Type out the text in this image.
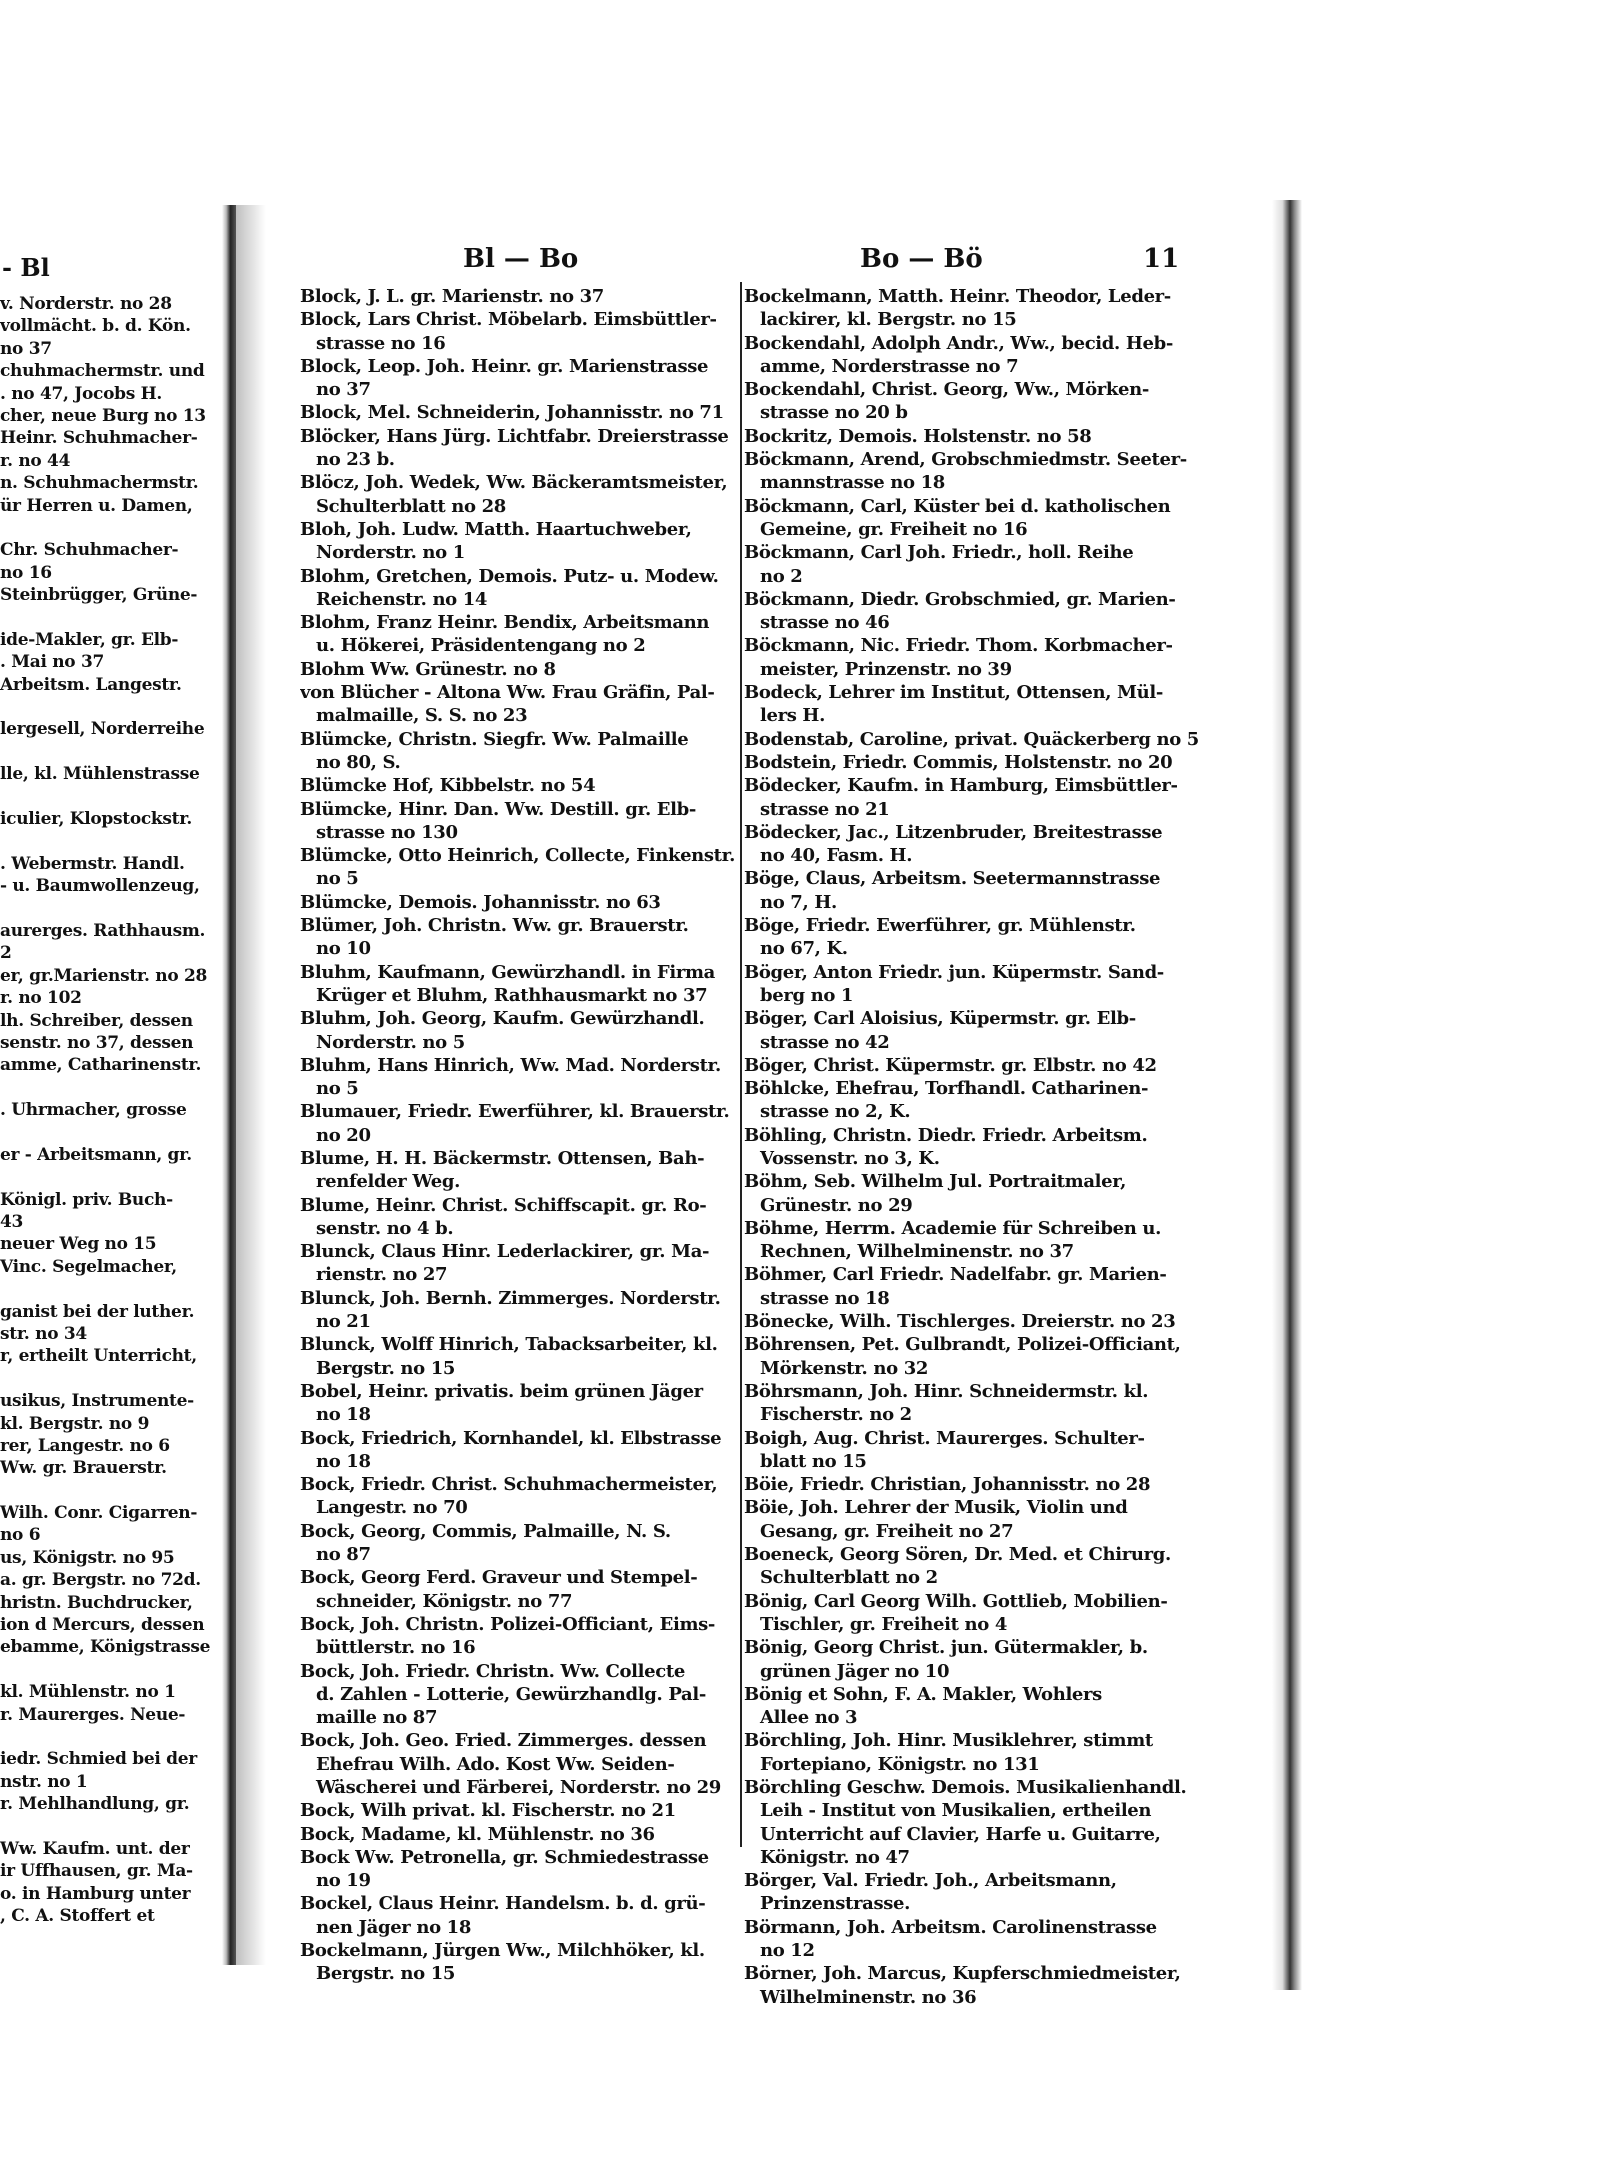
- Bl
v. Norderstr. no 28
vollmächt. b. d. Kön.
no 37
chuhmachermstr. und
. no 47, Jocobs H.
cher, neue Burg no 13
Heinr. Schuhmacher-
r. no 44
n. Schuhmachermstr.
ür Herren u. Damen,
Chr. Schuhmacher-
no 16
Steinbrügger, Grüne-
ide-Makler, gr. Elb-
. Mai no 37
Arbeitsm. Langestr.
lergesell, Norderreihe
lle, kl. Mühlenstrasse
iculier, Klopstockstr.
. Webermstr. Handl.
- u. Baumwollenzeug,
aurerges. Rathhausm.
2
er, gr.Marienstr. no 28
r. no 102
lh. Schreiber, dessen
senstr. no 37, dessen
amme, Catharinenstr.
. Uhrmacher, grosse
er - Arbeitsmann, gr.
Königl. priv. Buch-
43
neuer Weg no 15
Vinc. Segelmacher,
ganist bei der luther.
str. no 34
r, ertheilt Unterricht,
usikus, Instrumente-
kl. Bergstr. no 9
rer, Langestr. no 6
Ww. gr. Brauerstr.
Wilh. Conr. Cigarren-
no 6
us, Königstr. no 95
a. gr. Bergstr. no 72d.
hristn. Buchdrucker,
ion d Mercurs, dessen
ebamme, Königstrasse
kl. Mühlenstr. no 1
r. Maurerges. Neue-
iedr. Schmied bei der
nstr. no 1
r. Mehlhandlung, gr.
Ww. Kaufm. unt. der
ir Uffhausen, gr. Ma-
o. in Hamburg unter
, C. A. Stoffert et
Bl — Bo	Bo — Bö	11
Block, J. L. gr. Marienstr. no 37
Block, Lars Christ. Möbelarb. Eimsbüttler-
strasse no 16
Block, Leop. Joh. Heinr. gr. Marienstrasse
no 37
Block, Mel. Schneiderin, Johannisstr. no 71
Blöcker, Hans Jürg. Lichtfabr. Dreierstrasse
no 23 b.
Blöcz, Joh. Wedek, Ww. Bäckeramtsmeister,
Schulterblatt no 28
Bloh, Joh. Ludw. Matth. Haartuchweber,
Norderstr. no 1
Blohm, Gretchen, Demois. Putz- u. Modew.
Reichenstr. no 14
Blohm, Franz Heinr. Bendix, Arbeitsmann
u. Hökerei, Präsidentengang no 2
Blohm Ww. Grünestr. no 8
von Blücher - Altona Ww. Frau Gräfin, Pal-
malmaille, S. S. no 23
Blümcke, Christn. Siegfr. Ww. Palmaille
no 80, S.
Blümcke Hof, Kibbelstr. no 54
Blümcke, Hinr. Dan. Ww. Destill. gr. Elb-
strasse no 130
Blümcke, Otto Heinrich, Collecte, Finkenstr.
no 5
Blümcke, Demois. Johannisstr. no 63
Blümer, Joh. Christn. Ww. gr. Brauerstr.
no 10
Bluhm, Kaufmann, Gewürzhandl. in Firma
Krüger et Bluhm, Rathhausmarkt no 37
Bluhm, Joh. Georg, Kaufm. Gewürzhandl.
Norderstr. no 5
Bluhm, Hans Hinrich, Ww. Mad. Norderstr.
no 5
Blumauer, Friedr. Ewerführer, kl. Brauerstr.
no 20
Blume, H. H. Bäckermstr. Ottensen, Bah-
renfelder Weg.
Blume, Heinr. Christ. Schiffscapit. gr. Ro-
senstr. no 4 b.
Blunck, Claus Hinr. Lederlackirer, gr. Ma-
rienstr. no 27
Blunck, Joh. Bernh. Zimmerges. Norderstr.
no 21
Blunck, Wolff Hinrich, Tabacksarbeiter, kl.
Bergstr. no 15
Bobel, Heinr. privatis. beim grünen Jäger
no 18
Bock, Friedrich, Kornhandel, kl. Elbstrasse
no 18
Bock, Friedr. Christ. Schuhmachermeister,
Langestr. no 70
Bock, Georg, Commis, Palmaille, N. S.
no 87
Bock, Georg Ferd. Graveur und Stempel-
schneider, Königstr. no 77
Bock, Joh. Christn. Polizei-Officiant, Eims-
büttlerstr. no 16
Bock, Joh. Friedr. Christn. Ww. Collecte
d. Zahlen - Lotterie, Gewürzhandlg. Pal-
maille no 87
Bock, Joh. Geo. Fried. Zimmerges. dessen
Ehefrau Wilh. Ado. Kost Ww. Seiden-
Wäscherei und Färberei, Norderstr. no 29
Bock, Wilh privat. kl. Fischerstr. no 21
Bock, Madame, kl. Mühlenstr. no 36
Bock Ww. Petronella, gr. Schmiedestrasse
no 19
Bockel, Claus Heinr. Handelsm. b. d. grü-
nen Jäger no 18
Bockelmann, Jürgen Ww., Milchhöker, kl.
Bergstr. no 15
Bockelmann, Matth. Heinr. Theodor, Leder-
lackirer, kl. Bergstr. no 15
Bockendahl, Adolph Andr., Ww., becid. Heb-
amme, Norderstrasse no 7
Bockendahl, Christ. Georg, Ww., Mörken-
strasse no 20 b
Bockritz, Demois. Holstenstr. no 58
Böckmann, Arend, Grobschmiedmstr. Seeter-
mannstrasse no 18
Böckmann, Carl, Küster bei d. katholischen
Gemeine, gr. Freiheit no 16
Böckmann, Carl Joh. Friedr., holl. Reihe
no 2
Böckmann, Diedr. Grobschmied, gr. Marien-
strasse no 46
Böckmann, Nic. Friedr. Thom. Korbmacher-
meister, Prinzenstr. no 39
Bodeck, Lehrer im Institut, Ottensen, Mül-
lers H.
Bodenstab, Caroline, privat. Quäckerberg no 5
Bodstein, Friedr. Commis, Holstenstr. no 20
Bödecker, Kaufm. in Hamburg, Eimsbüttler-
strasse no 21
Bödecker, Jac., Litzenbruder, Breitestrasse
no 40, Fasm. H.
Böge, Claus, Arbeitsm. Seetermannstrasse
no 7, H.
Böge, Friedr. Ewerführer, gr. Mühlenstr.
no 67, K.
Böger, Anton Friedr. jun. Küpermstr. Sand-
berg no 1
Böger, Carl Aloisius, Küpermstr. gr. Elb-
strasse no 42
Böger, Christ. Küpermstr. gr. Elbstr. no 42
Böhlcke, Ehefrau, Torfhandl. Catharinen-
strasse no 2, K.
Böhling, Christn. Diedr. Friedr. Arbeitsm.
Vossenstr. no 3, K.
Böhm, Seb. Wilhelm Jul. Portraitmaler,
Grünestr. no 29
Böhme, Herrm. Academie für Schreiben u.
Rechnen, Wilhelminenstr. no 37
Böhmer, Carl Friedr. Nadelfabr. gr. Marien-
strasse no 18
Bönecke, Wilh. Tischlerges. Dreierstr. no 23
Böhrensen, Pet. Gulbrandt, Polizei-Officiant,
Mörkenstr. no 32
Böhrsmann, Joh. Hinr. Schneidermstr. kl.
Fischerstr. no 2
Boigh, Aug. Christ. Maurerges. Schulter-
blatt no 15
Böie, Friedr. Christian, Johannisstr. no 28
Böie, Joh. Lehrer der Musik, Violin und
Gesang, gr. Freiheit no 27
Boeneck, Georg Sören, Dr. Med. et Chirurg.
Schulterblatt no 2
Bönig, Carl Georg Wilh. Gottlieb, Mobilien-
Tischler, gr. Freiheit no 4
Bönig, Georg Christ. jun. Gütermakler, b.
grünen Jäger no 10
Bönig et Sohn, F. A. Makler, Wohlers
Allee no 3
Börchling, Joh. Hinr. Musiklehrer, stimmt
Fortepiano, Königstr. no 131
Börchling Geschw. Demois. Musikalienhandl.
Leih - Institut von Musikalien, ertheilen
Unterricht auf Clavier, Harfe u. Guitarre,
Königstr. no 47
Börger, Val. Friedr. Joh., Arbeitsmann,
Prinzenstrasse.
Börmann, Joh. Arbeitsm. Carolinenstrasse
no 12
Börner, Joh. Marcus, Kupferschmiedmeister,
Wilhelminenstr. no 36
